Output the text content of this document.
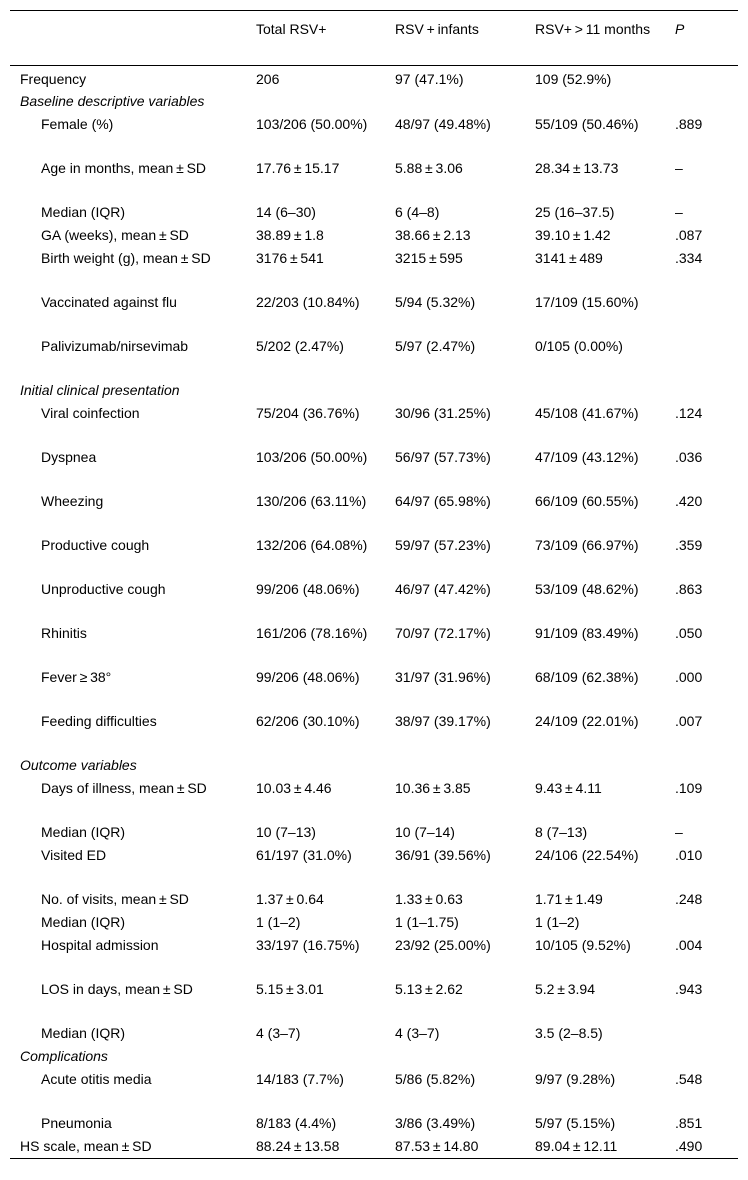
	Total RSV+	RSV + infants	RSV+ > 11 months	P
Frequency	206	97 (47.1%)	109 (52.9%)	
Baseline descriptive variables				
Female (%)	103/206 (50.00%)	48/97 (49.48%)	55/109 (50.46%)	.889
Age in months, mean ± SD	17.76 ± 15.17	5.88 ± 3.06	28.34 ± 13.73	–
Median (IQR)	14 (6–30)	6 (4–8)	25 (16–37.5)	–
GA (weeks), mean ± SD	38.89 ± 1.8	38.66 ± 2.13	39.10 ± 1.42	.087
Birth weight (g), mean ± SD	3176 ± 541	3215 ± 595	3141 ± 489	.334
Vaccinated against flu	22/203 (10.84%)	5/94 (5.32%)	17/109 (15.60%)	
Palivizumab/nirsevimab	5/202 (2.47%)	5/97 (2.47%)	0/105 (0.00%)	
Initial clinical presentation				
Viral coinfection	75/204 (36.76%)	30/96 (31.25%)	45/108 (41.67%)	.124
Dyspnea	103/206 (50.00%)	56/97 (57.73%)	47/109 (43.12%)	.036
Wheezing	130/206 (63.11%)	64/97 (65.98%)	66/109 (60.55%)	.420
Productive cough	132/206 (64.08%)	59/97 (57.23%)	73/109 (66.97%)	.359
Unproductive cough	99/206 (48.06%)	46/97 (47.42%)	53/109 (48.62%)	.863
Rhinitis	161/206 (78.16%)	70/97 (72.17%)	91/109 (83.49%)	.050
Fever ≥ 38°	99/206 (48.06%)	31/97 (31.96%)	68/109 (62.38%)	.000
Feeding difficulties	62/206 (30.10%)	38/97 (39.17%)	24/109 (22.01%)	.007
Outcome variables				
Days of illness, mean ± SD	10.03 ± 4.46	10.36 ± 3.85	9.43 ± 4.11	.109
Median (IQR)	10 (7–13)	10 (7–14)	8 (7–13)	–
Visited ED	61/197 (31.0%)	36/91 (39.56%)	24/106 (22.54%)	.010
No. of visits, mean ± SD	1.37 ± 0.64	1.33 ± 0.63	1.71 ± 1.49	.248
Median (IQR)	1 (1–2)	1 (1–1.75)	1 (1–2)	
Hospital admission	33/197 (16.75%)	23/92 (25.00%)	10/105 (9.52%)	.004
LOS in days, mean ± SD	5.15 ± 3.01	5.13 ± 2.62	5.2 ± 3.94	.943
Median (IQR)	4 (3–7)	4 (3–7)	3.5 (2–8.5)	
Complications				
Acute otitis media	14/183 (7.7%)	5/86 (5.82%)	9/97 (9.28%)	.548
Pneumonia	8/183 (4.4%)	3/86 (3.49%)	5/97 (5.15%)	.851
HS scale, mean ± SD	88.24 ± 13.58	87.53 ± 14.80	89.04 ± 12.11	.490
